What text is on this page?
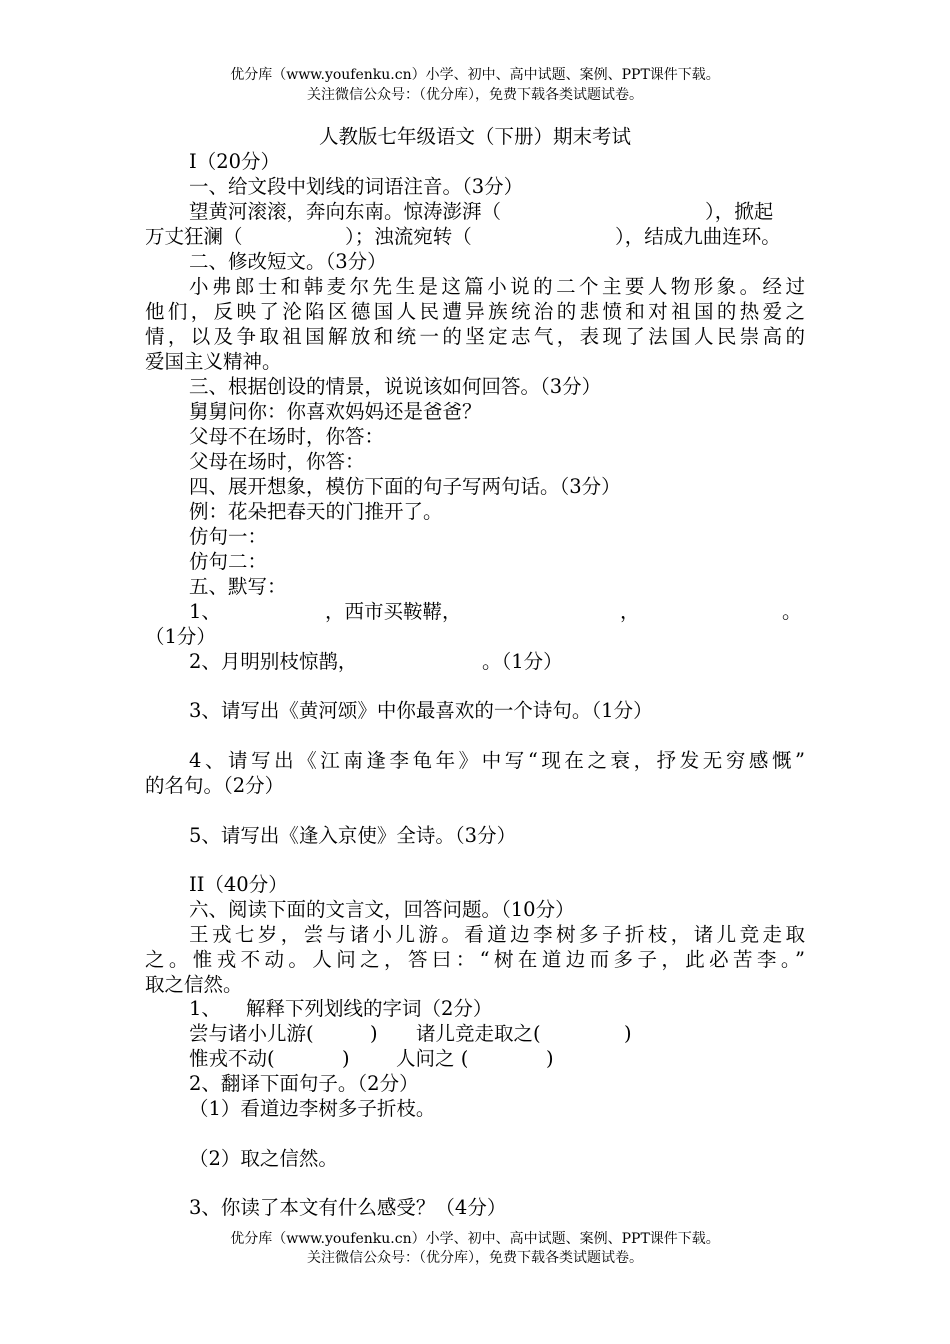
优分库（www.youfenku.cn）小学、初中、高中试题、案例、PPT课件下载。
关注微信公众号：（优分库），免费下载各类试题试卷。
人教版七年级语文（下册）期末考试
I（20分）
一、给文段中划线的词语注音。（3分）
望黄河滚滚，奔向东南。惊涛澎湃（	），掀起
万丈狂澜（	）；浊流宛转（	），结成九曲连环。
二、修改短文。（3分）
小弗郎士和韩麦尔先生是这篇小说的二个主要人物形象。经过
他们，反映了沦陷区德国人民遭异族统治的悲愤和对祖国的热爱之
情，以及争取祖国解放和统一的坚定志气，表现了法国人民崇高的
爱国主义精神。
三、根据创设的情景，说说该如何回答。（3分）
舅舅问你：你喜欢妈妈还是爸爸？
父母不在场时，你答：
父母在场时，你答：
四、展开想象，模仿下面的句子写两句话。（3分）
例：花朵把春天的门推开了。
仿句一：
仿句二：
五、默写：
1、	，西市买鞍鞯，	，	。
（1分）
2、月明别枝惊鹊，	。（1分）
3、请写出《黄河颂》中你最喜欢的一个诗句。（1分）
4、请写出《江南逢李龟年》中写“现在之衰，抒发无穷感慨”
的名句。（2分）
5、请写出《逢入京使》全诗。（3分）
II（40分）
六、阅读下面的文言文，回答问题。（10分）
王戎七岁，尝与诸小儿游。看道边李树多子折枝，诸儿竞走取
之。惟戎不动。人问之，答曰：“树在道边而多子，此必苦李。”
取之信然。
1、 解释下列划线的字词（2分）
尝与诸小儿游(	) 诸儿竞走取之(	)
惟戎不动(	) 人问之 (	)
2、翻译下面句子。（2分）
（1）看道边李树多子折枝。
（2）取之信然。
3、你读了本文有什么感受？（4分）
优分库（www.youfenku.cn）小学、初中、高中试题、案例、PPT课件下载。
关注微信公众号：（优分库），免费下载各类试题试卷。
